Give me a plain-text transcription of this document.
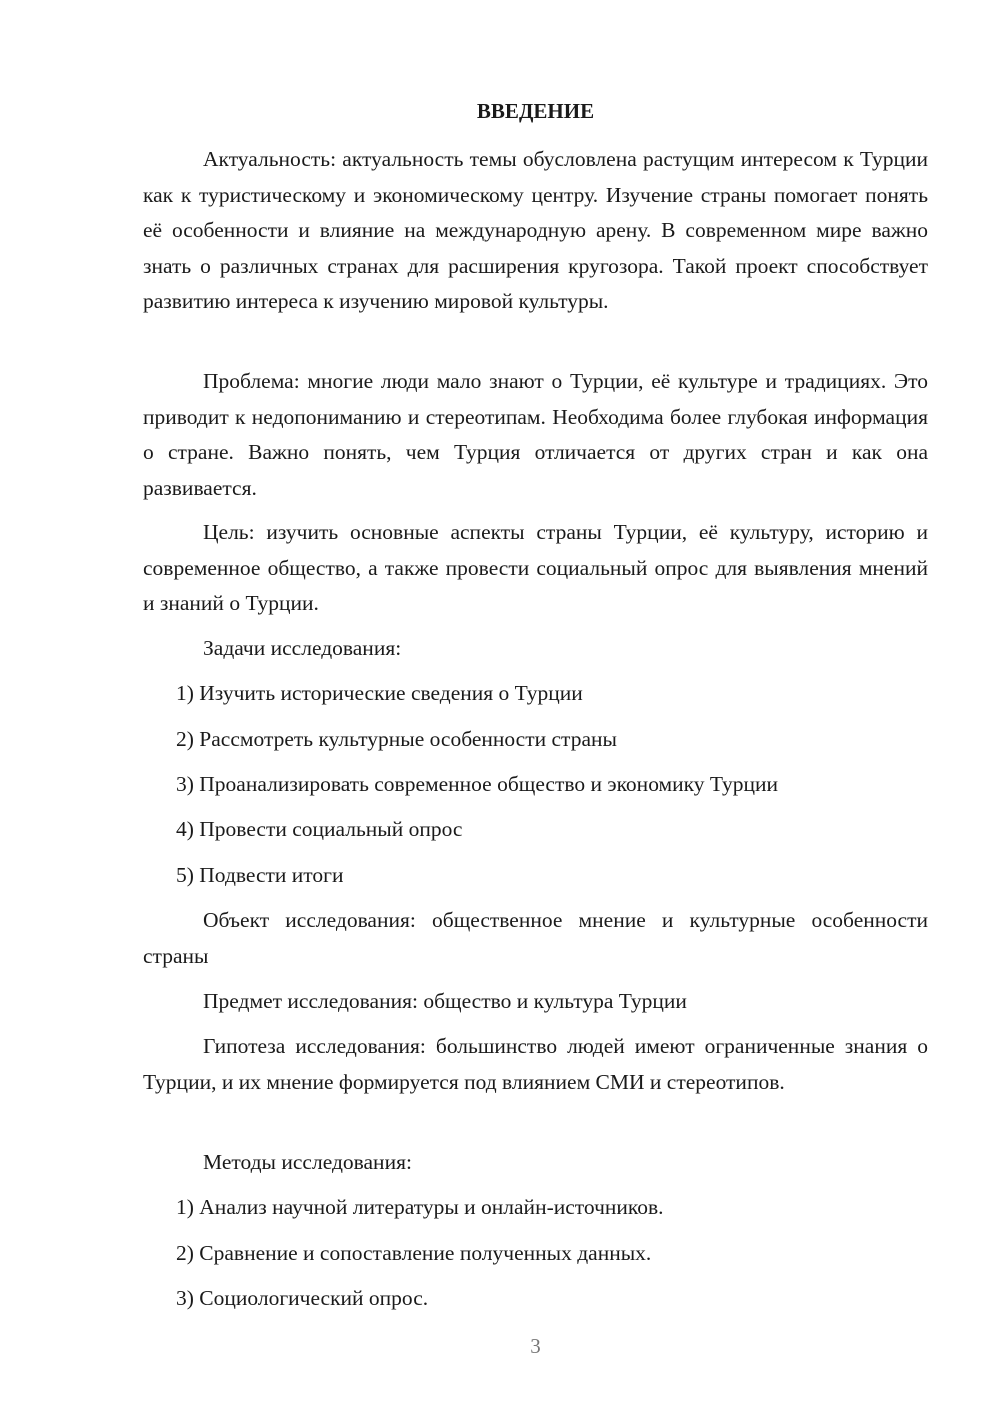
ВВЕДЕНИЕ

Актуальность: актуальность темы обусловлена растущим интересом к Турции как к туристическому и экономическому центру. Изучение страны помогает понять её особенности и влияние на международную арену. В современном мире важно знать о различных странах для расширения кругозора. Такой проект способствует развитию интереса к изучению мировой культуры.

Проблема: многие люди мало знают о Турции, её культуре и традициях. Это приводит к недопониманию и стереотипам. Необходима более глубокая информация о стране. Важно понять, чем Турция отличается от других стран и как она развивается.

Цель: изучить основные аспекты страны Турции, её культуру, историю и современное общество, а также провести социальный опрос для выявления мнений и знаний о Турции.

Задачи исследования:

1) Изучить исторические сведения о Турции

2) Рассмотреть культурные особенности страны

3) Проанализировать современное общество и экономику Турции

4) Провести социальный опрос

5) Подвести итоги

Объект исследования: общественное мнение и культурные особенности страны

Предмет исследования: общество и культура Турции

Гипотеза исследования: большинство людей имеют ограниченные знания о Турции, и их мнение формируется под влиянием СМИ и стереотипов.

Методы исследования:

1) Анализ научной литературы и онлайн-источников.

2) Сравнение и сопоставление полученных данных.

3) Социологический опрос.

3
